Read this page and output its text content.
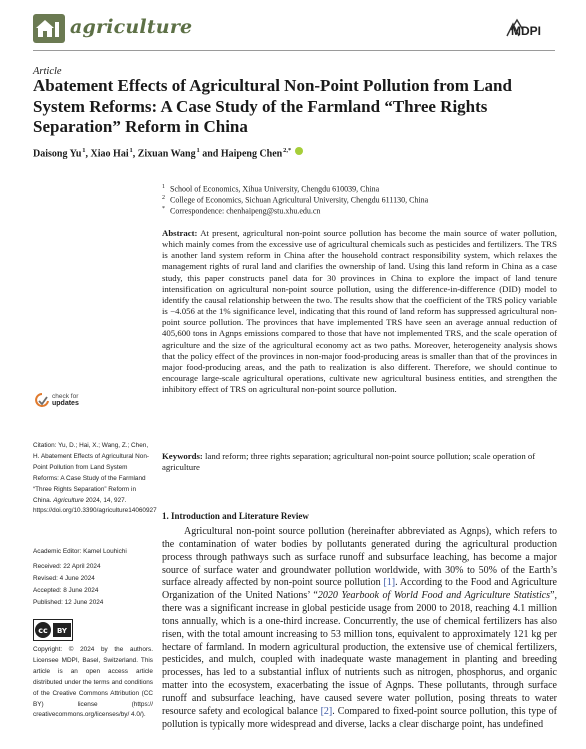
agriculture	MDPI
Article
Abatement Effects of Agricultural Non-Point Pollution from Land System Reforms: A Case Study of the Farmland “Three Rights Separation” Reform in China
Daisong Yu $^1$, Xiao Hai $^1$, Zixuan Wang $^1$ and Haipeng Chen $^{2,*}$
$^1$ School of Economics, Xihua University, Chengdu 610039, China
$^2$ College of Economics, Sichuan Agricultural University, Chengdu 611130, China
* Correspondence: chenhaipeng@stu.xhu.edu.cn
Abstract: At present, agricultural non-point source pollution has become the main source of water pollution, which mainly comes from the excessive use of agricultural chemicals such as pesticides and fertilizers. The TRS is another land system reform in China after the household contract responsibility system, which relaxes the management rights of rural land and clarifies the ownership of land. Using this land reform in China as a case study, this paper constructs panel data for 30 provinces in China to explore the impact of land tenure intensification on agricultural non-point source pollution, using the difference-in-difference (DID) model to identify the causal relationship between the two. The results show that the coefficient of the TRS policy variable is −4.056 at the 1% significance level, indicating that this round of land reform has suppressed agricultural non-point source pollution. The provinces that have implemented TRS have seen an average annual reduction of 405,600 tons in Agnps emissions compared to those that have not implemented TRS, and the scale operation of agriculture and the size of the agricultural economy act as two paths. Moreover, heterogeneity analysis shows that the policy effect of the provinces in non-major food-producing areas is smaller than that of the provinces in major food-producing areas, and the path to realization is also different. Therefore, we should continue to encourage large-scale agricultural operations, cultivate new agricultural business entities, and strengthen the inhibitory effect of TRS on agricultural non-point source pollution.
Keywords: land reform; three rights separation; agricultural non-point source pollution; scale operation of agriculture
1. Introduction and Literature Review

Agricultural non-point source pollution (hereinafter abbreviated as Agnps), which refers to the contamination of water bodies by pollutants generated during the agricultural production process through pathways such as surface runoff and subsurface leaching, has become a major source of surface water and groundwater pollution worldwide, with 30% to 50% of the Earth’s surface already affected by non-point source pollution [1]. According to the Food and Agriculture Organization of the United Nations’ “2020 Yearbook of World Food and Agriculture Statistics”, there was a significant increase in global pesticide usage from 2000 to 2018, reaching 4.1 million tons annually, which is a one-third increase. Concurrently, the use of chemical fertilizers has also risen, with the total amount increasing to 53 million tons, equivalent to approximately 121 kg per hectare of farmland. In modern agricultural production, the extensive use of chemical fertilizers, pesticides, and mulch, coupled with inadequate waste management in planting and breeding processes, has led to a substantial influx of nutrients such as nitrogen, phosphorus, and organic matter into the ecosystem, exacerbating the issue of Agnps. These pollutants, through surface runoff and subsurface leaching, have caused severe water pollution, posing threats to water resource safety and ecological balance [2]. Compared to fixed-point source pollution, this type of pollution is typically more widespread and diverse, lacks a clear discharge point, has undefined

check for
updates
Citation: Yu, D.; Hai, X.; Wang, Z.; Chen, H. Abatement Effects of Agricultural Non-Point Pollution from Land System Reforms: A Case Study of the Farmland “Three Rights Separation” Reform in China. Agriculture 2024, 14, 927. https://doi.org/10.3390/agriculture14060927
Academic Editor: Kamel Louhichi
Received: 22 April 2024
Revised: 4 June 2024
Accepted: 8 June 2024
Published: 12 June 2024
cc BY
Copyright: © 2024 by the authors. Licensee MDPI, Basel, Switzerland. This article is an open access article distributed under the terms and conditions of the Creative Commons Attribution (CC BY) license (https:// creativecommons.org/licenses/by/ 4.0/).
